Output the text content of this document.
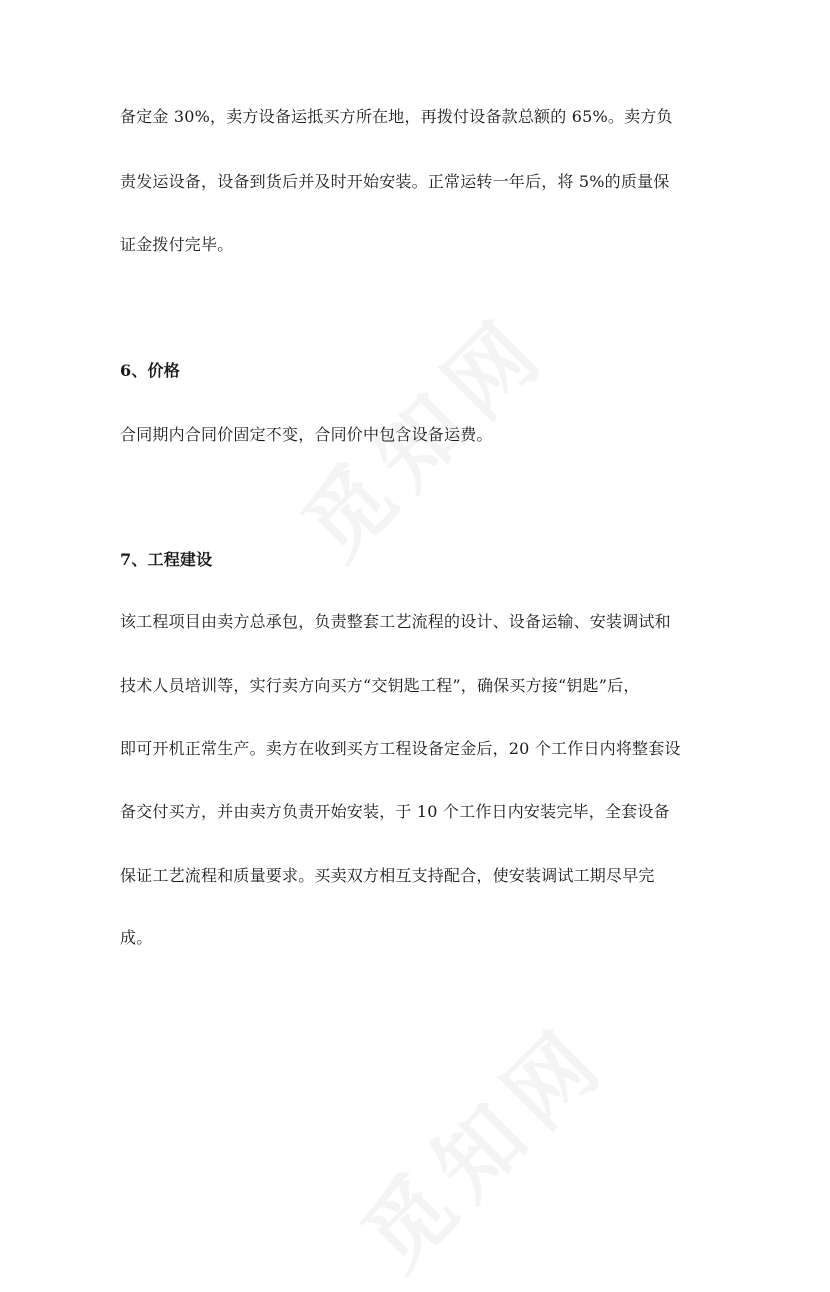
备定金 30%，卖方设备运抵买方所在地，再拨付设备款总额的 65%。卖方负
责发运设备，设备到货后并及时开始安装。正常运转一年后，将 5%的质量保
证金拨付完毕。
6、价格
合同期内合同价固定不变，合同价中包含设备运费。
7、工程建设
该工程项目由卖方总承包，负责整套工艺流程的设计、设备运输、安装调试和
技术人员培训等，实行卖方向买方“交钥匙工程”，确保买方接“钥匙”后，
即可开机正常生产。卖方在收到买方工程设备定金后，20 个工作日内将整套设
备交付买方，并由卖方负责开始安装，于 10 个工作日内安装完毕，全套设备
保证工艺流程和质量要求。买卖双方相互支持配合，使安装调试工期尽早完
成。
